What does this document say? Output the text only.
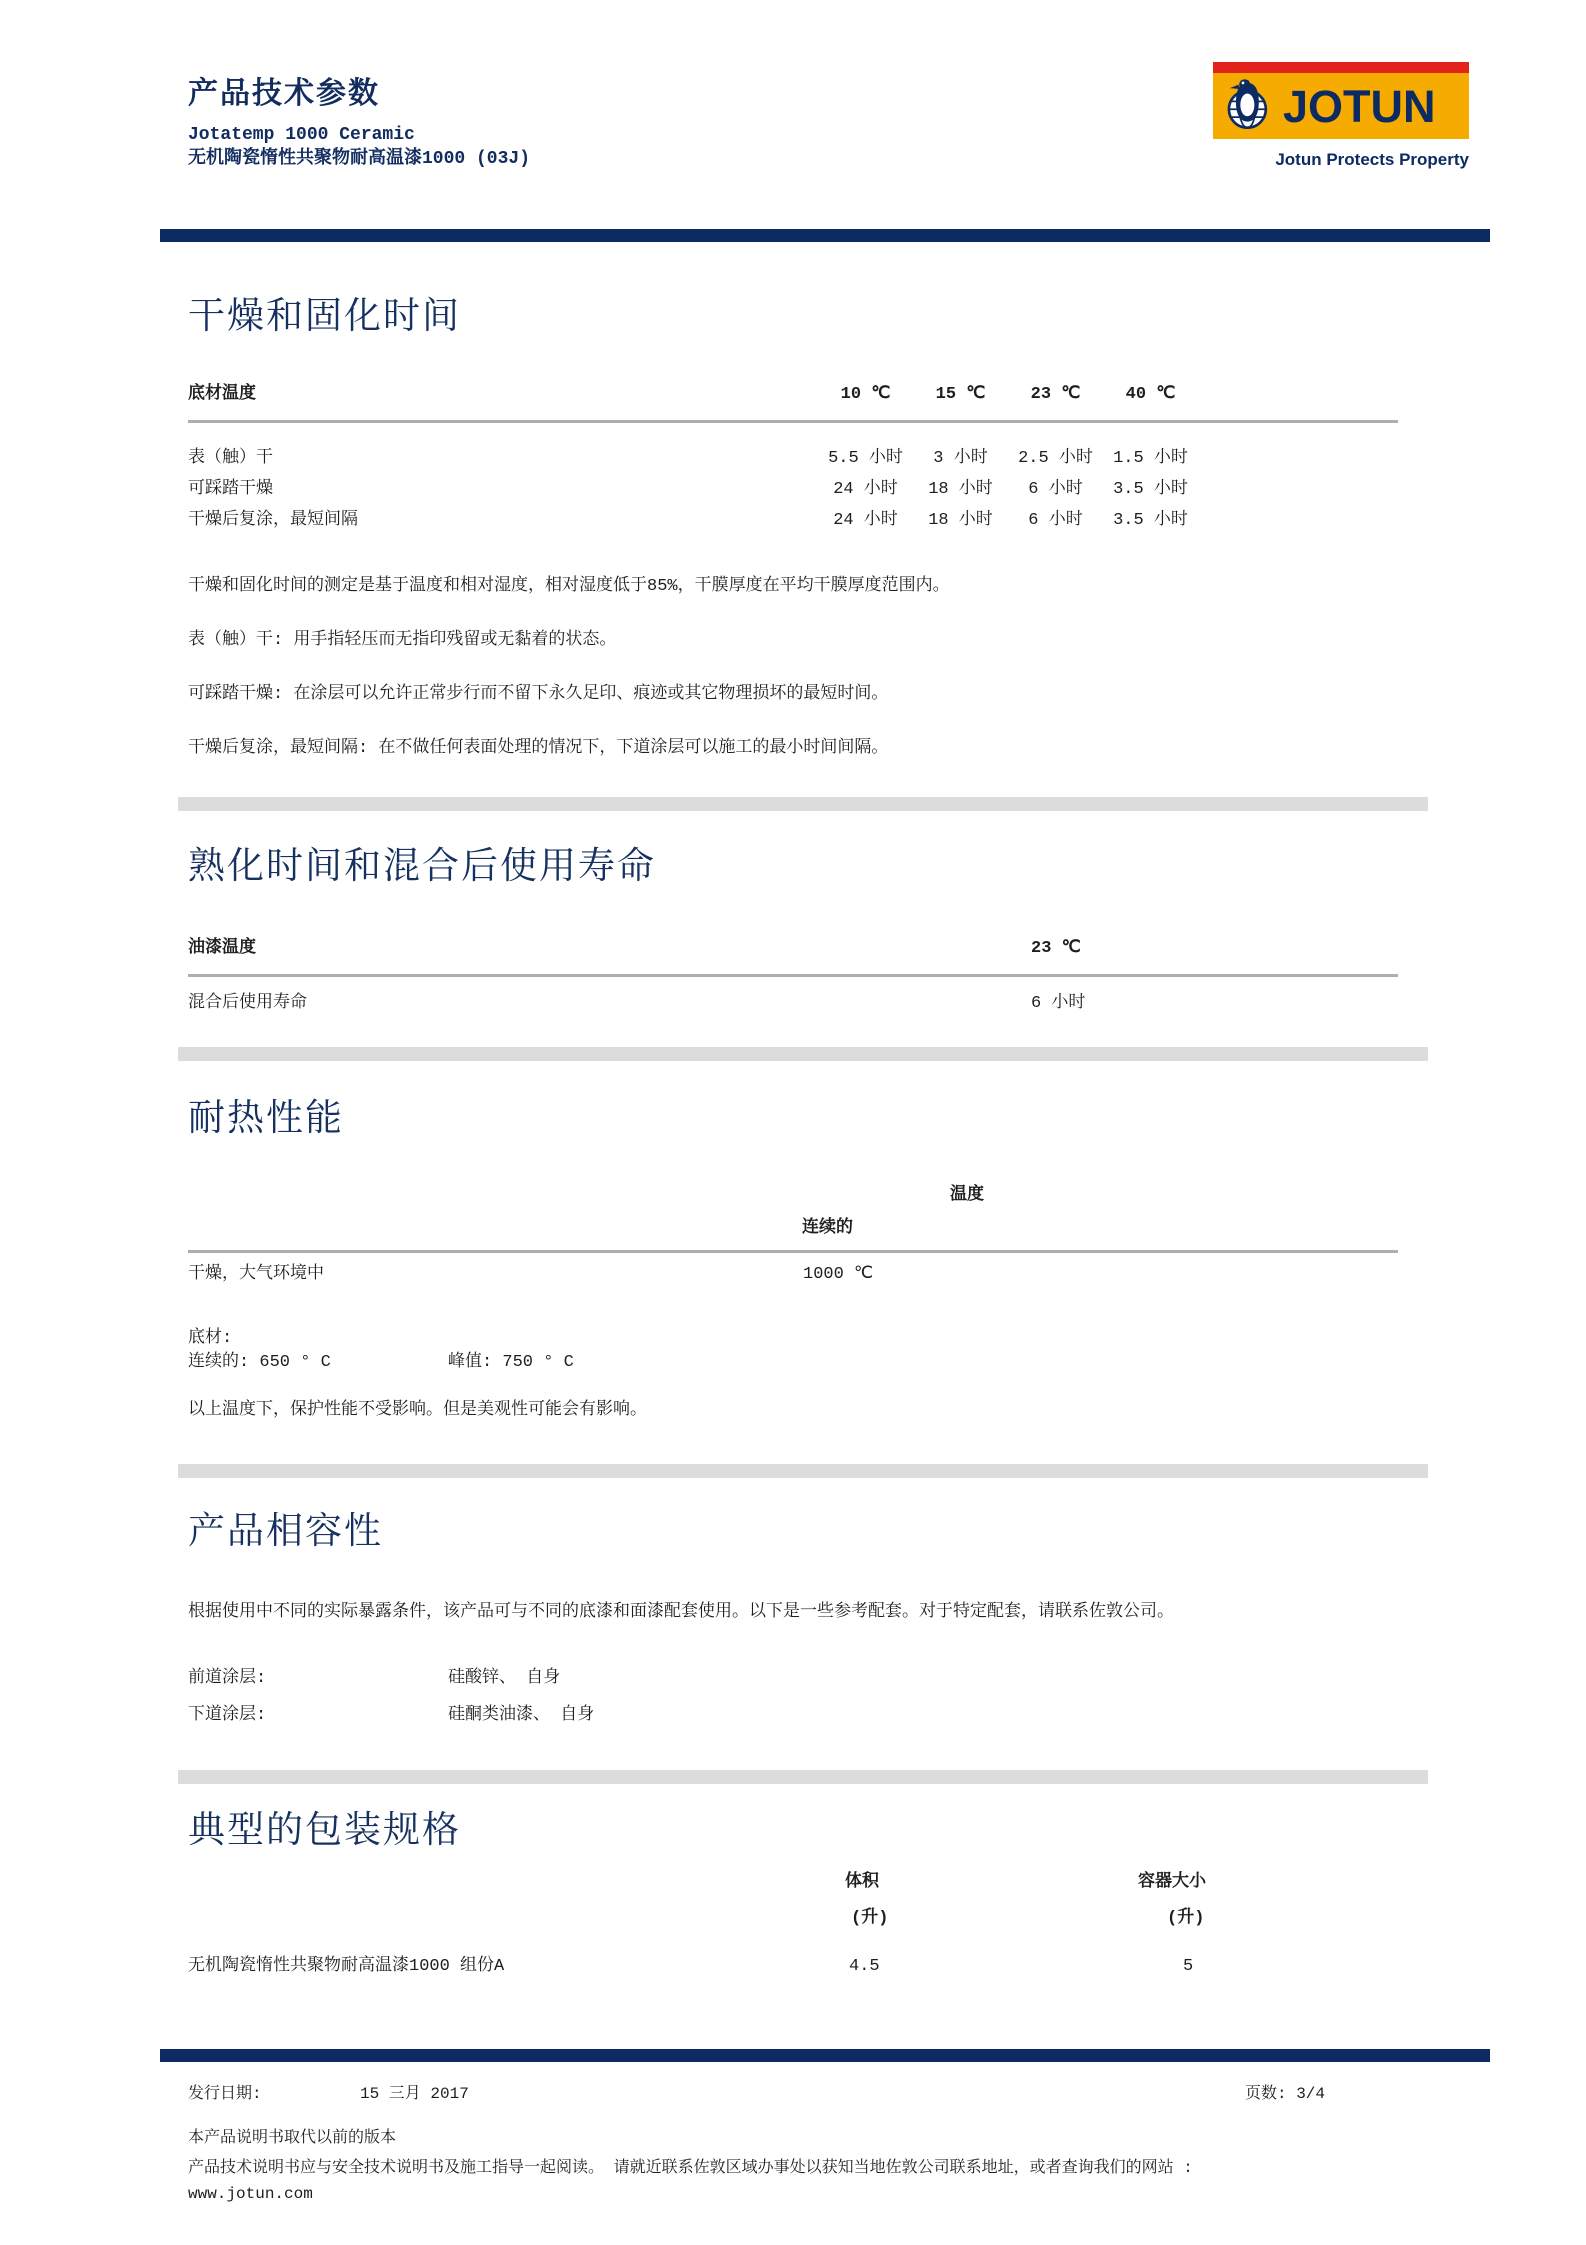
产品技术参数
Jotatemp 1000 Ceramic
无机陶瓷惰性共聚物耐高温漆1000 (03J)
JOTUN
Jotun Protects Property
干燥和固化时间
底材温度	10 ℃	15 ℃	23 ℃	40 ℃
表（触）干	5.5 小时	3 小时	2.5 小时	1.5 小时
可踩踏干燥	24 小时	18 小时	6 小时	3.5 小时
干燥后复涂，最短间隔	24 小时	18 小时	6 小时	3.5 小时

干燥和固化时间的测定是基于温度和相对湿度，相对湿度低于85%，干膜厚度在平均干膜厚度范围内。

表（触）干: 用手指轻压而无指印残留或无黏着的状态。

可踩踏干燥: 在涂层可以允许正常步行而不留下永久足印、痕迹或其它物理损坏的最短时间。

干燥后复涂，最短间隔: 在不做任何表面处理的情况下，下道涂层可以施工的最小时间间隔。

熟化时间和混合后使用寿命
油漆温度	23 ℃
混合后使用寿命	6 小时
耐热性能
温度
连续的
干燥，大气环境中	1000 ℃
底材:
连续的: 650 ° C	峰值: 750 ° C
以上温度下，保护性能不受影响。但是美观性可能会有影响。
产品相容性
根据使用中不同的实际暴露条件，该产品可与不同的底漆和面漆配套使用。以下是一些参考配套。对于特定配套，请联系佐敦公司。
前道涂层:	硅酸锌、 自身
下道涂层:	硅酮类油漆、 自身
典型的包装规格
体积	容器大小
(升)	(升)
无机陶瓷惰性共聚物耐高温漆1000 组份A	4.5	5
发行日期:	15 三月 2017	页数: 3/4
本产品说明书取代以前的版本
产品技术说明书应与安全技术说明书及施工指导一起阅读。 请就近联系佐敦区域办事处以获知当地佐敦公司联系地址，或者查询我们的网站 :
www.jotun.com
